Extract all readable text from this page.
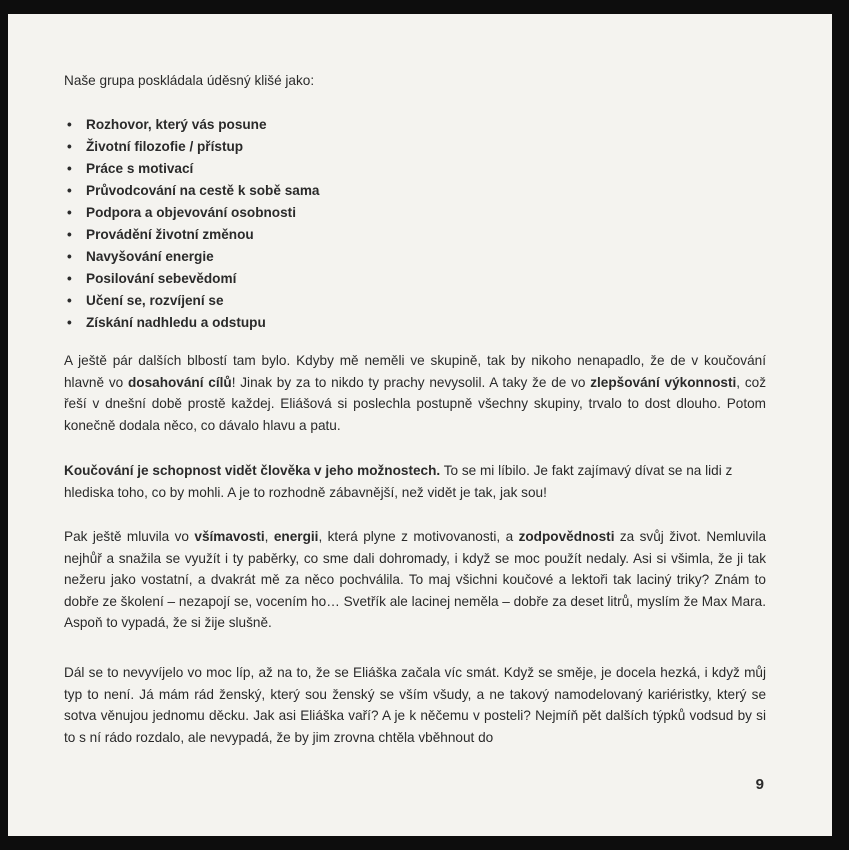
Naše grupa poskládala úděsný klišé jako:
• Rozhovor, který vás posune
• Životní filozofie / přístup
• Práce s motivací
• Průvodcování na cestě k sobě sama
• Podpora a objevování osobnosti
• Provádění životní změnou
• Navyšování energie
• Posilování sebevědomí
• Učení se, rozvíjení se
• Získání nadhledu a odstupu
A ještě pár dalších blbostí tam bylo. Kdyby mě neměli ve skupině, tak by nikoho nenapadlo, že de v koučování hlavně vo dosahování cílů! Jinak by za to nikdo ty prachy nevysolil. A taky že de vo zlepšování výkonnosti, což řeší v dnešní době prostě každej. Eliášová si poslechla postupně všechny skupiny, trvalo to dost dlouho. Potom konečně dodala něco, co dávalo hlavu a patu.
Koučování je schopnost vidět člověka v jeho možnostech. To se mi líbilo. Je fakt zajímavý dívat se na lidi z hlediska toho, co by mohli. A je to rozhodně zábavnější, než vidět je tak, jak sou!
Pak ještě mluvila vo všímavosti, energii, která plyne z motivovanosti, a zodpovědnosti za svůj život. Nemluvila nejhůř a snažila se využít i ty paběrky, co sme dali dohromady, i když se moc použít nedaly. Asi si všimla, že ji tak nežeru jako vostatní, a dvakrát mě za něco pochválila. To maj všichni koučové a lektoři tak laciný triky? Znám to dobře ze školení – nezapojí se, vocením ho… Svetřík ale lacinej neměla – dobře za deset litrů, myslím že Max Mara. Aspoň to vypadá, že si žije slušně.
Dál se to nevyvíjelo vo moc líp, až na to, že se Eliáška začala víc smát. Když se směje, je docela hezká, i když můj typ to není. Já mám rád ženský, který sou ženský se vším všudy, a ne takový namodelovaný kariéristky, který se sotva věnujou jednomu děcku. Jak asi Eliáška vaří? A je k něčemu v posteli? Nejmíň pět dalších týpků vodsud by si to s ní rádo rozdalo, ale nevypadá, že by jim zrovna chtěla vběhnout do
9
